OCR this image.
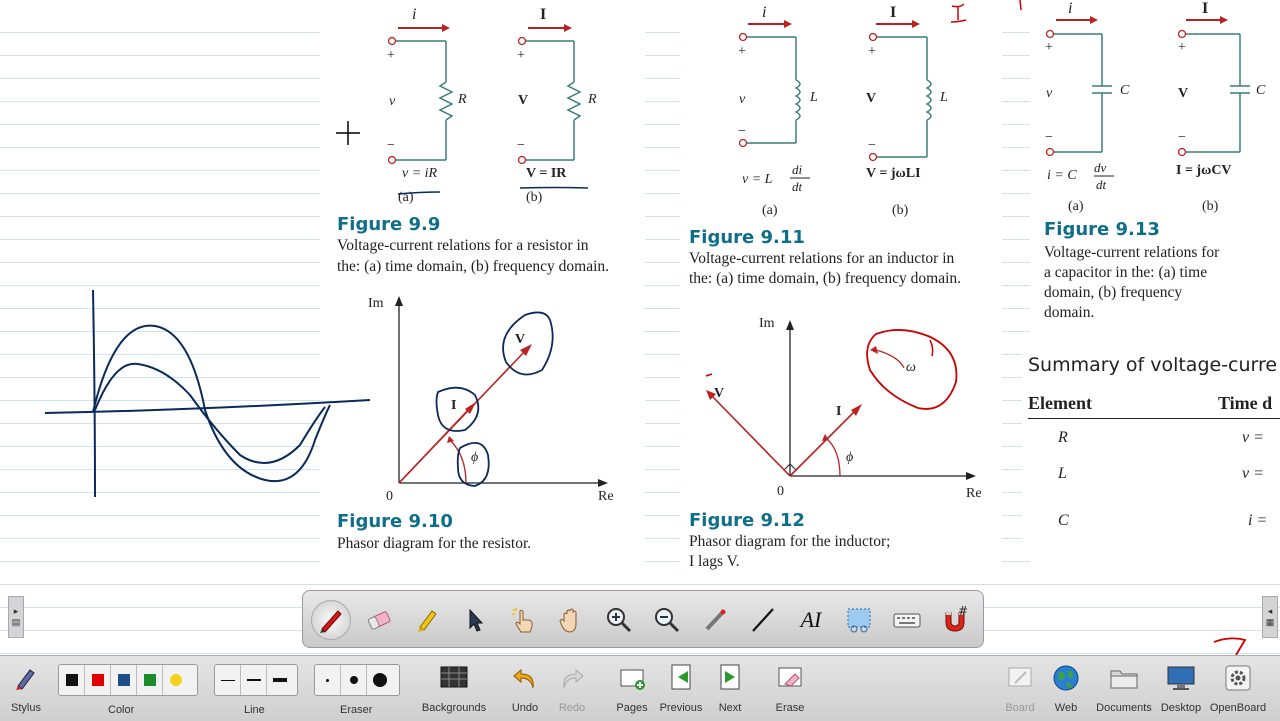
i	I
+	+
v	V
R	R
−	−
v = iR	V = IR
(a)	(b)
Figure 9.9
Voltage-current relations for a resistor in
the: (a) time domain, (b) frequency domain.
Im
Re
0
V
I
ϕ
Figure 9.10
Phasor diagram for the resistor.
i	I
+	+
v	V
L	L
−
−
v = L
di
dt
V = jωLI
(a)	(b)
Figure 9.11
Voltage-current relations for an inductor in
the: (a) time domain, (b) frequency domain.
Im
Re
0
V
I
ϕ
ω
Figure 9.12
Phasor diagram for the inductor;
I lags V.
i	I
+	+
v	V
C	C
−	−
i = C
dv
dt
I = jωCV
(a)	(b)
Figure 9.13
Voltage-current relations for
a capacitor in the: (a) time
domain, (b) frequency
domain.
Summary of voltage-curre
Element	Time d
R	v =
L	v =
C	i =
▸
▤
◂
▦
AI	#
Stylus	Color	Line	Eraser	Backgrounds	Undo	Redo	Pages	Previous	Next	Erase	Board	Web	Documents Desktop OpenBoard
